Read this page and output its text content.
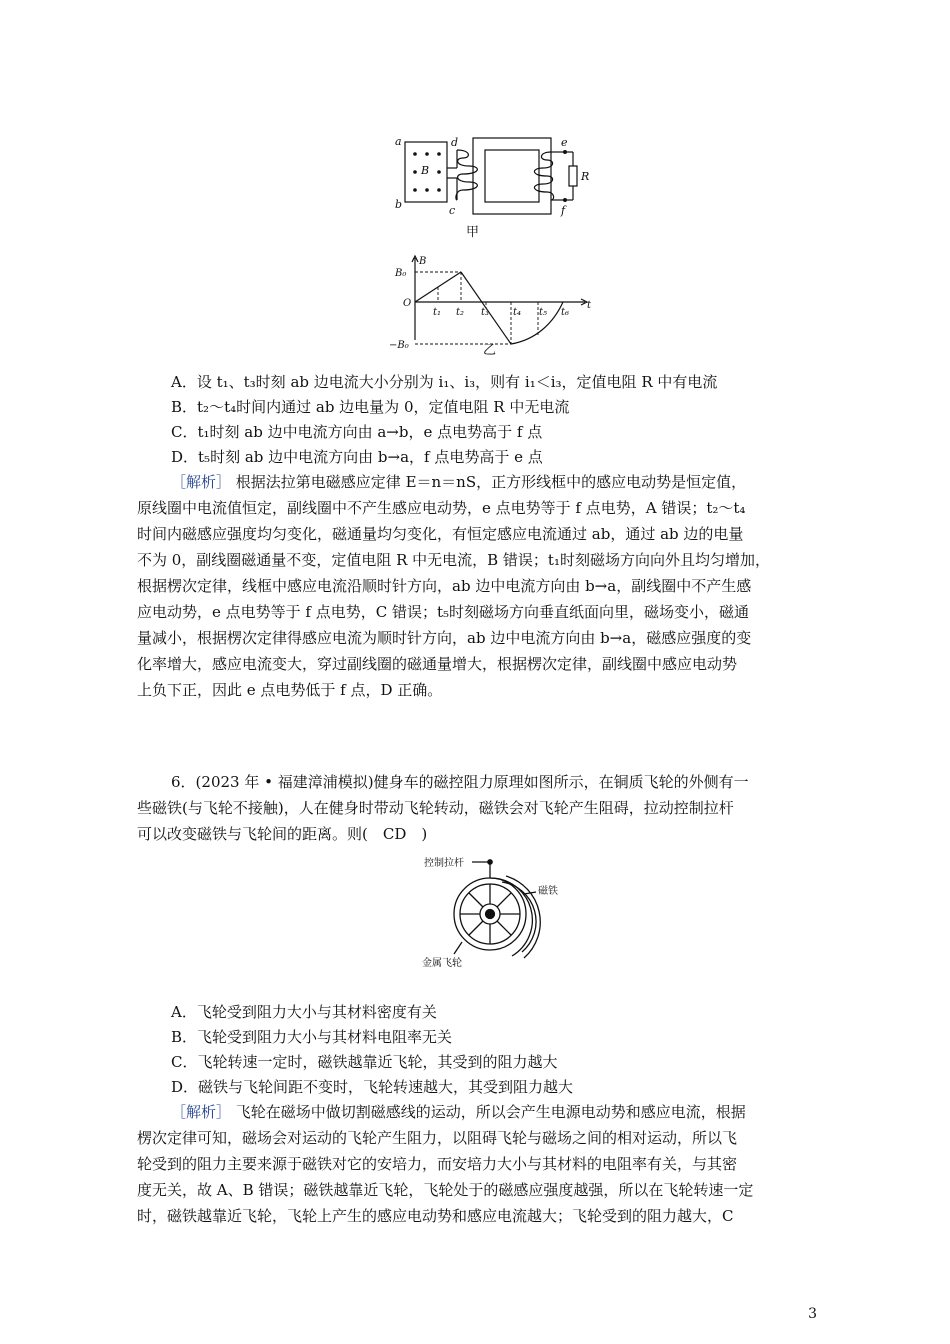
a
b	c
d	e
f
B	R
甲
B
t
B₀
O
−B₀
t₁ t₂ t₃ t₄ t₅ t₆
乙
A．设 t₁、t₃时刻 ab 边电流大小分别为 i₁、i₃，则有 i₁＜i₃，定值电阻 R 中有电流
B．t₂～t₄时间内通过 ab 边电量为 0，定值电阻 R 中无电流
C．t₁时刻 ab 边中电流方向由 a→b，e 点电势高于 f 点
D．t₅时刻 ab 边中电流方向由 b→a，f 点电势高于 e 点
［解析］ 根据法拉第电磁感应定律 E＝n＝nS，正方形线框中的感应电动势是恒定值，
原线圈中电流值恒定，副线圈中不产生感应电动势，e 点电势等于 f 点电势，A 错误；t₂～t₄
时间内磁感应强度均匀变化，磁通量均匀变化，有恒定感应电流通过 ab，通过 ab 边的电量
不为 0，副线圈磁通量不变，定值电阻 R 中无电流，B 错误；t₁时刻磁场方向向外且均匀增加，
根据楞次定律，线框中感应电流沿顺时针方向，ab 边中电流方向由 b→a，副线圈中不产生感
应电动势，e 点电势等于 f 点电势，C 错误；t₅时刻磁场方向垂直纸面向里，磁场变小，磁通
量减小，根据楞次定律得感应电流为顺时针方向，ab 边中电流方向由 b→a，磁感应强度的变
化率增大，感应电流变大，穿过副线圈的磁通量增大，根据楞次定律，副线圈中感应电动势
上负下正，因此 e 点电势低于 f 点，D 正确。
6．(2023 年 • 福建漳浦模拟)健身车的磁控阻力原理如图所示，在铜质飞轮的外侧有一
些磁铁(与飞轮不接触)，人在健身时带动飞轮转动，磁铁会对飞轮产生阻碍，拉动控制拉杆
可以改变磁铁与飞轮间的距离。则(　CD　)
控制拉杆
磁铁
金属飞轮
A．飞轮受到阻力大小与其材料密度有关
B．飞轮受到阻力大小与其材料电阻率无关
C．飞轮转速一定时，磁铁越靠近飞轮，其受到的阻力越大
D．磁铁与飞轮间距不变时，飞轮转速越大，其受到阻力越大
［解析］ 飞轮在磁场中做切割磁感线的运动，所以会产生电源电动势和感应电流，根据
楞次定律可知，磁场会对运动的飞轮产生阻力，以阻碍飞轮与磁场之间的相对运动，所以飞
轮受到的阻力主要来源于磁铁对它的安培力，而安培力大小与其材料的电阻率有关，与其密
度无关，故 A、B 错误；磁铁越靠近飞轮，飞轮处于的磁感应强度越强，所以在飞轮转速一定
时，磁铁越靠近飞轮，飞轮上产生的感应电动势和感应电流越大；飞轮受到的阻力越大，C
3
